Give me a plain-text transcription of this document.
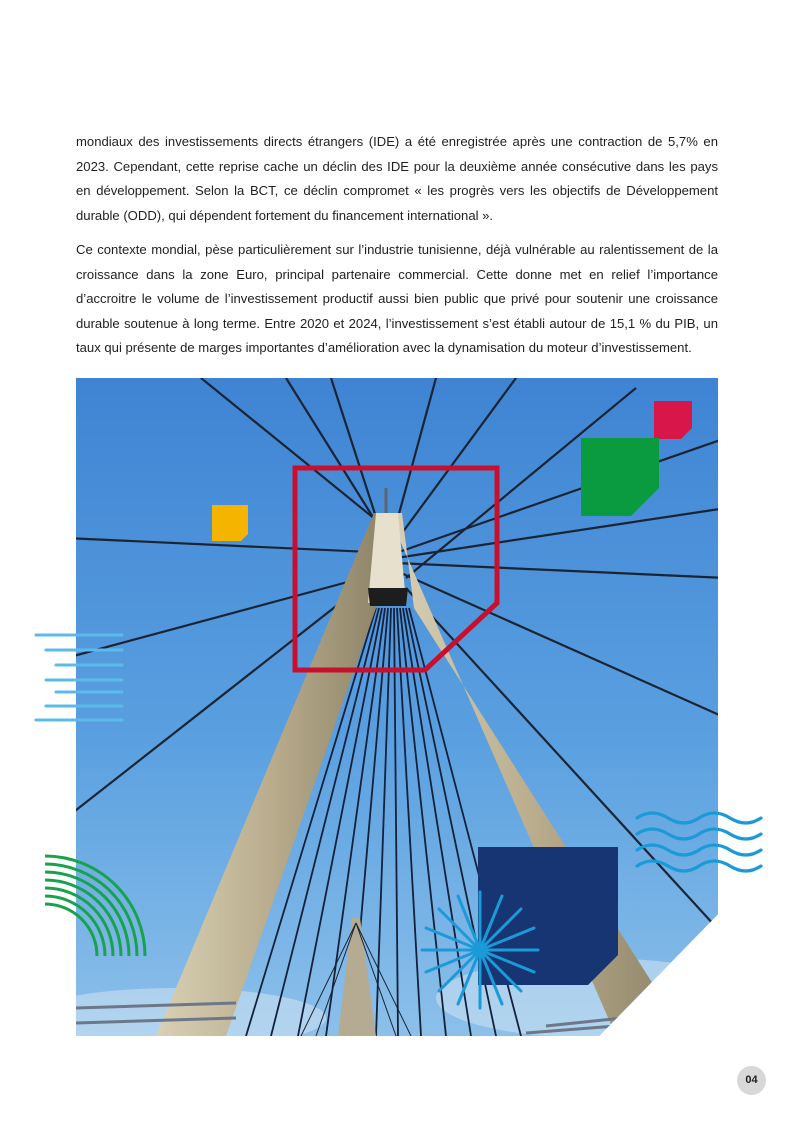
mondiaux des investissements directs étrangers (IDE) a été enregistrée après une contraction de 5,7% en 2023. Cependant, cette reprise cache un déclin des IDE pour la deuxième année consécutive dans les pays en développement. Selon la BCT, ce déclin compromet « les progrès vers les objectifs de Développement durable (ODD), qui dépendent fortement du financement international ».

Ce contexte mondial, pèse particulièrement sur l’industrie tunisienne, déjà vulnérable au ralentissement de la croissance dans la zone Euro, principal partenaire commercial. Cette donne met en relief l’importance d’accroitre le volume de l’investissement productif aussi bien public que privé pour soutenir une croissance durable soutenue à long terme. Entre 2020 et 2024, l’investissement s’est établi autour de 15,1 % du PIB, un taux qui présente de marges importantes d’amélioration avec la dynamisation du moteur d’investissement.

04
